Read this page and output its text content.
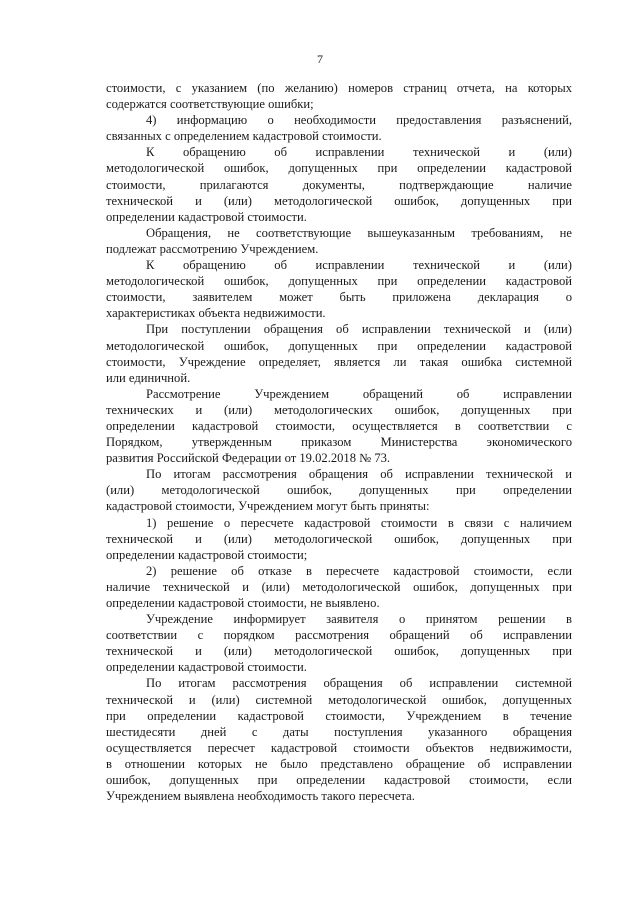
7
стоимости, с указанием (по желанию) номеров страниц отчета, на которых
содержатся соответствующие ошибки;
4) информацию о необходимости предоставления разъяснений,
связанных с определением кадастровой стоимости.
К обращению об исправлении технической и (или)
методологической ошибок, допущенных при определении кадастровой
стоимости, прилагаются документы, подтверждающие наличие
технической и (или) методологической ошибок, допущенных при
определении кадастровой стоимости.
Обращения, не соответствующие вышеуказанным требованиям, не
подлежат рассмотрению Учреждением.
К обращению об исправлении технической и (или)
методологической ошибок, допущенных при определении кадастровой
стоимости, заявителем может быть приложена декларация о
характеристиках объекта недвижимости.
При поступлении обращения об исправлении технической и (или)
методологической ошибок, допущенных при определении кадастровой
стоимости, Учреждение определяет, является ли такая ошибка системной
или единичной.
Рассмотрение Учреждением обращений об исправлении
технических и (или) методологических ошибок, допущенных при
определении кадастровой стоимости, осуществляется в соответствии с
Порядком, утвержденным приказом Министерства экономического
развития Российской Федерации от 19.02.2018 № 73.
По итогам рассмотрения обращения об исправлении технической и
(или) методологической ошибок, допущенных при определении
кадастровой стоимости, Учреждением могут быть приняты:
1) решение о пересчете кадастровой стоимости в связи с наличием
технической и (или) методологической ошибок, допущенных при
определении кадастровой стоимости;
2) решение об отказе в пересчете кадастровой стоимости, если
наличие технической и (или) методологической ошибок, допущенных при
определении кадастровой стоимости, не выявлено.
Учреждение информирует заявителя о принятом решении в
соответствии с порядком рассмотрения обращений об исправлении
технической и (или) методологической ошибок, допущенных при
определении кадастровой стоимости.
По итогам рассмотрения обращения об исправлении системной
технической и (или) системной методологической ошибок, допущенных
при определении кадастровой стоимости, Учреждением в течение
шестидесяти дней с даты поступления указанного обращения
осуществляется пересчет кадастровой стоимости объектов недвижимости,
в отношении которых не было представлено обращение об исправлении
ошибок, допущенных при определении кадастровой стоимости, если
Учреждением выявлена необходимость такого пересчета.
